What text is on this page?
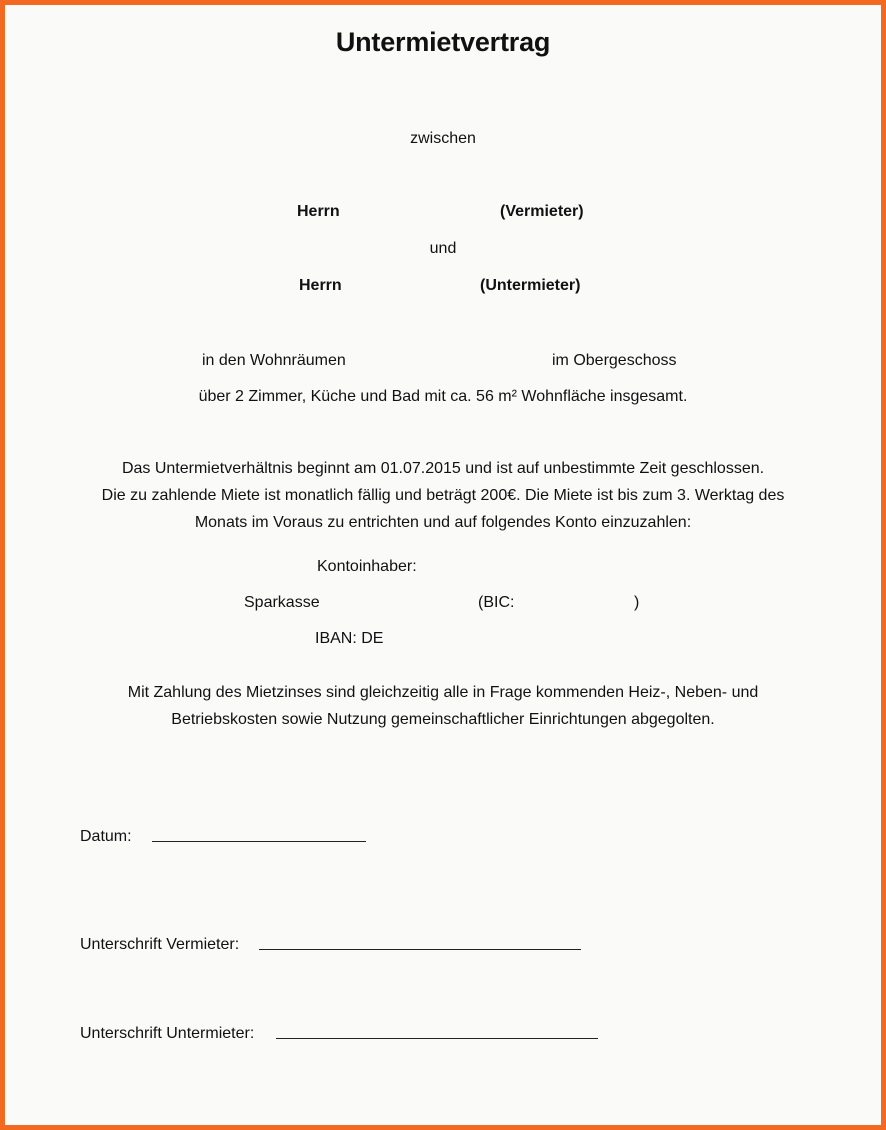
Untermietvertrag
zwischen
Herrn	(Vermieter)
und
Herrn	(Untermieter)
in den Wohnräumen	im Obergeschoss
über 2 Zimmer, Küche und Bad mit ca. 56 m² Wohnfläche insgesamt.
Das Untermietverhältnis beginnt am 01.07.2015 und ist auf unbestimmte Zeit geschlossen.
Die zu zahlende Miete ist monatlich fällig und beträgt 200€. Die Miete ist bis zum 3. Werktag des
Monats im Voraus zu entrichten und auf folgendes Konto einzuzahlen:
Kontoinhaber:
Sparkasse	(BIC:	)
IBAN: DE
Mit Zahlung des Mietzinses sind gleichzeitig alle in Frage kommenden Heiz-, Neben- und
Betriebskosten sowie Nutzung gemeinschaftlicher Einrichtungen abgegolten.
Datum:
Unterschrift Vermieter:
Unterschrift Untermieter:
